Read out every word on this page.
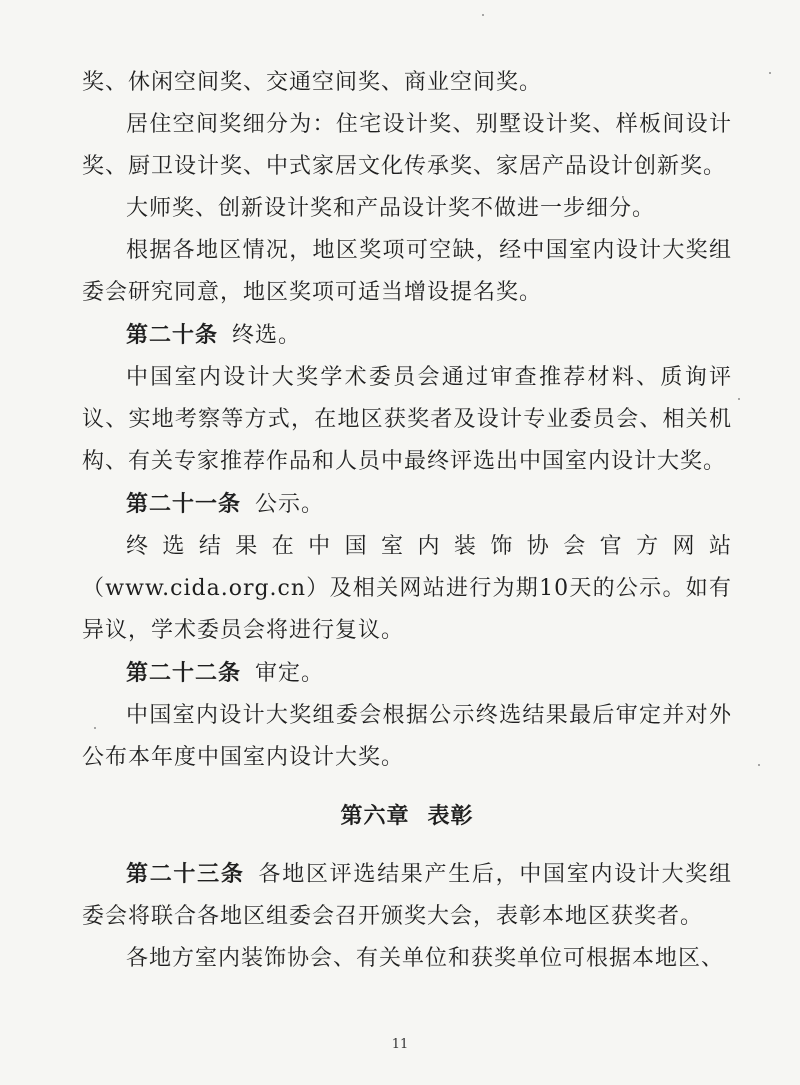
奖、休闲空间奖、交通空间奖、商业空间奖。

居住空间奖细分为：住宅设计奖、别墅设计奖、样板间设计奖、厨卫设计奖、中式家居文化传承奖、家居产品设计创新奖。

大师奖、创新设计奖和产品设计奖不做进一步细分。

根据各地区情况，地区奖项可空缺，经中国室内设计大奖组委会研究同意，地区奖项可适当增设提名奖。

第二十条 终选。

中国室内设计大奖学术委员会通过审查推荐材料、质询评议、实地考察等方式，在地区获奖者及设计专业委员会、相关机构、有关专家推荐作品和人员中最终评选出中国室内设计大奖。

第二十一条 公示。

终选结果在中国室内装饰协会官方网站（www.cida.org.cn）及相关网站进行为期10天的公示。如有异议，学术委员会将进行复议。

第二十二条 审定。

中国室内设计大奖组委会根据公示终选结果最后审定并对外公布本年度中国室内设计大奖。

第六章 表彰

第二十三条 各地区评选结果产生后，中国室内设计大奖组委会将联合各地区组委会召开颁奖大会，表彰本地区获奖者。

各地方室内装饰协会、有关单位和获奖单位可根据本地区、

11
